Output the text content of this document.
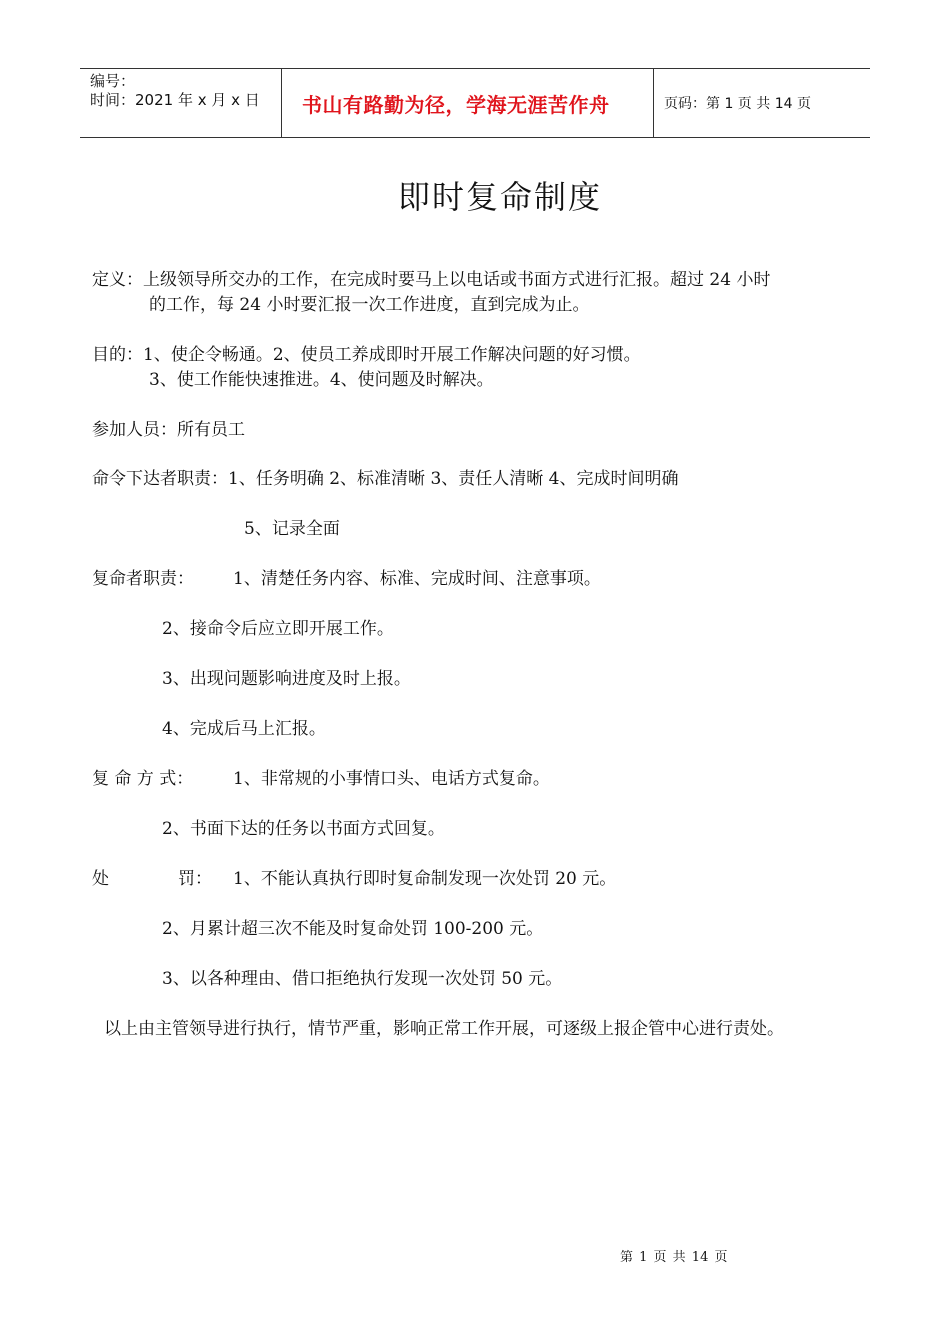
编号：
时间：2021 年 x 月 x 日	书山有路勤为径，学海无涯苦作舟	页码：第 1 页 共 14 页
即时复命制度
定义：上级领导所交办的工作，在完成时要马上以电话或书面方式进行汇报。超过 24 小时
的工作，每 24 小时要汇报一次工作进度，直到完成为止。
目的：1、使企令畅通。2、使员工养成即时开展工作解决问题的好习惯。
3、使工作能快速推进。4、使问题及时解决。
参加人员：所有员工
命令下达者职责：1、任务明确 2、标准清晰 3、责任人清晰 4、完成时间明确
5、记录全面
复命者职责： 1、清楚任务内容、标准、完成时间、注意事项。
2、接命令后应立即开展工作。
3、出现问题影响进度及时上报。
4、完成后马上汇报。
复 命 方 式： 1、非常规的小事情口头、电话方式复命。
2、书面下达的任务以书面方式回复。
处	罚： 1、不能认真执行即时复命制发现一次处罚 20 元。
2、月累计超三次不能及时复命处罚 100-200 元。
3、以各种理由、借口拒绝执行发现一次处罚 50 元。
以上由主管领导进行执行，情节严重，影响正常工作开展，可逐级上报企管中心进行责处。
第 1 页 共 14 页
